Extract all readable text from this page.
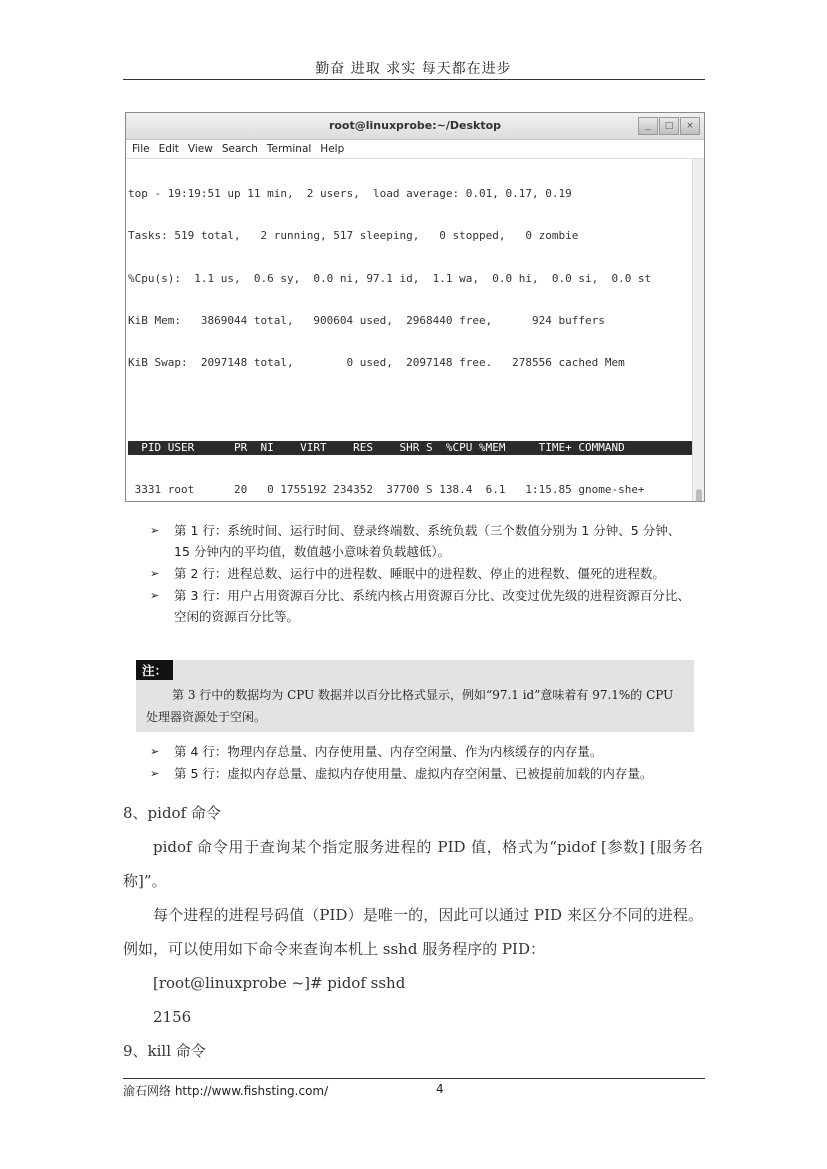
勤奋 进取 求实 每天都在进步
root@linuxprobe:~/Desktop	_	□	×
File Edit View Search Terminal Help

top - 19:19:51 up 11 min,  2 users,  load average: 0.01, 0.17, 0.19

Tasks: 519 total,   2 running, 517 sleeping,   0 stopped,   0 zombie

%Cpu(s):  1.1 us,  0.6 sy,  0.0 ni, 97.1 id,  1.1 wa,  0.0 hi,  0.0 si,  0.0 st

KiB Mem:   3869044 total,   900604 used,  2968440 free,      924 buffers

KiB Swap:  2097148 total,        0 used,  2097148 free.   278556 cached Mem

PID USER      PR  NI    VIRT    RES    SHR S  %CPU %MEM     TIME+ COMMAND

3331 root      20   0 1755192 234352  37700 S 138.4  6.1   1:15.85 gnome-she+

➢	第 1 行：系统时间、运行时间、登录终端数、系统负载（三个数值分别为 1 分钟、5 分钟、15 分钟内的平均值，数值越小意味着负载越低）。
➢	第 2 行：进程总数、运行中的进程数、睡眠中的进程数、停止的进程数、僵死的进程数。
➢	第 3 行：用户占用资源百分比、系统内核占用资源百分比、改变过优先级的进程资源百分比、空闲的资源百分比等。
注：
第 3 行中的数据均为 CPU 数据并以百分比格式显示，例如“97.1 id”意味着有 97.1%的 CPU 处理器资源处于空闲。
➢	第 4 行：物理内存总量、内存使用量、内存空闲量、作为内核缓存的内存量。
➢	第 5 行：虚拟内存总量、虚拟内存使用量、虚拟内存空闲量、已被提前加载的内存量。
8、pidof 命令
pidof 命令用于查询某个指定服务进程的 PID 值，格式为“pidof [参数] [服务名称]”。
每个进程的进程号码值（PID）是唯一的，因此可以通过 PID 来区分不同的进程。例如，可以使用如下命令来查询本机上 sshd 服务程序的 PID：
[root@linuxprobe ~]# pidof sshd
2156
9、kill 命令
渝石网络 http://www.fishsting.com/	4
